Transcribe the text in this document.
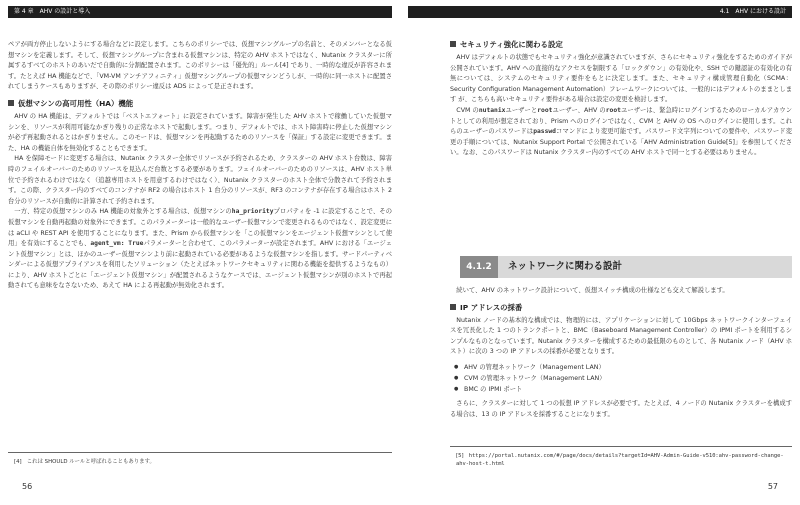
第 4 章　AHV の設計と導入

ペアが両方停止しないようにする場合などに設定します。こちらのポリシーでは、仮想マシングループの名前と、そのメンバーとなる仮想マシンを定義します。そして、仮想マシングループに含まれる仮想マシンは、特定の AHV ホストではなく、Nutanix クラスターに所属するすべてのホストのあいだで自動的に分割配置されます。このポリシーは「優先的」ルール[4] であり、一時的な違反が許容されます。たとえば HA 機能などで、「VM-VM アンチアフィニティ」仮想マシングループの仮想マシンどうしが、一時的に同一ホストに配置されてしまうケースもありますが、その際のポリシー違反は ADS によって是正されます。

仮想マシンの高可用性（HA）機能

AHV の HA 機能は、デフォルトでは「ベストエフォート」に設定されています。障害が発生した AHV ホストで稼働していた仮想マシンを、リソースが利用可能なかぎり残りの正常なホストで起動します。つまり、デフォルトでは、ホスト障害時に停止した仮想マシンが必ず再起動されるとはかぎりません。このモードは、仮想マシンを再起動するためのリソースを「保証」する設定に変更できます。また、HA の機能自体を無効化することもできます。

HA を保障モードに変更する場合は、Nutanix クラスター全体でリソースが予約されるため、クラスターの AHV ホスト台数は、障害時のフェイルオーバーのためのリソースを見込んだ台数とする必要があります。フェイルオーバーのためのリソースは、AHV ホスト単位で予約されるわけではなく（追越専用ホストを用意するわけではなく）、Nutanix クラスターのホスト全体で分散されて予約されます。この際、クラスター内のすべてのコンテナが RF2 の場合はホスト 1 台分のリソースが、RF3 のコンテナが存在する場合はホスト 2 台分のリソースが自動的に計算されて予約されます。

一方、特定の仮想マシンのみ HA 機能の対象外とする場合は、仮想マシンのha_priorityプロパティを -1 に設定することで、その仮想マシンを自動再起動の対象外にできます。このパラメーターは一般的なユーザー仮想マシンで変更されるものではなく、設定変更には aCLI や REST API を使用することになります。また、Prism から仮想マシンを「この仮想マシンをエージェント仮想マシンとして使用」を有効にすることでも、agent_vm: Trueパラメーターと合わせて、このパラメーターが設定されます。AHV における「エージェント仮想マシン」とは、ほかのユーザー仮想マシンより前に起動されている必要があるような仮想マシンを指します。サードパーティベンダーによる仮想アプライアンスを利用したソリューション（たとえばネットワークセキュリティに関わる機能を提供するようなもの）により、AHV ホストごとに「エージェント仮想マシン」が配置されるようなケースでは、エージェント仮想マシンが別のホストで再起動されても意味をなさないため、あえて HA による再起動が無効化されます。

[4] これは SHOULD ルールと呼ばれることもあります。
56
4.1　AHV における設計
セキュリティ強化に関わる設定

AHV はデフォルトの状態でもセキュリティ強化が意識されていますが、さらにセキュリティ強化をするためのガイドが公開されています。AHV への直接的なアクセスを制限する「ロックダウン」の有効化や、SSH での鍵認証の有効化の有無については、システムのセキュリティ要件をもとに決定します。また、セキュリティ構成管理自動化（SCMA：Security Configuration Management Automation）フレームワークについては、一般的にはデフォルトのままとします が、こちらも高いセキュリティ要件がある場合は設定の変更を検討します。

CVM のnutanixユーザーとrootユーザー、AHV のrootユーザーは、緊急時にログインするためのローカルアカウントとしての利用が想定されており、Prism へのログインではなく、CVM と AHV の OS へのログインに使用します。これらのユーザーのパスワードはpasswdコマンドにより変更可能です。パスワード文字列についての要件や、パスワード変更の手順については、Nutanix Support Portal で公開されている「AHV Administration Guide[5]」を参照してください。なお、このパスワードは Nutanix クラスター内のすべての AHV ホストで同一とする必要はありません。

4.1.2	ネットワークに関わる設計

続いて、AHV のネットワーク設計について、仮想スイッチ構成の仕様なども交えて解説します。

IP アドレスの採番

Nutanix ノードの基本的な構成では、物理的には、アプリケーションに対して 10Gbps ネットワークインターフェイスを冗長化した 1 つのトランクポートと、BMC（Baseboard Management Controller）の IPMI ポートを利用するシンプルなものとなっています。Nutanix クラスターを構成するための最低限のものとして、各 Nutanix ノード（AHV ホスト）に次の 3 つの IP アドレスの採番が必要となります。

● AHV の管理ネットワーク（Management LAN）
● CVM の管理ネットワーク（Management LAN）
● BMC の IPMI ポート

さらに、クラスターに対して 1 つの仮想 IP アドレスが必要です。たとえば、4 ノードの Nutanix クラスターを構成する場合は、13 の IP アドレスを採番することになります。

[5] https://portal.nutanix.com/#/page/docs/details?targetId=AHV-Admin-Guide-v510:ahv-password-change-ahv-host-t.html
57
